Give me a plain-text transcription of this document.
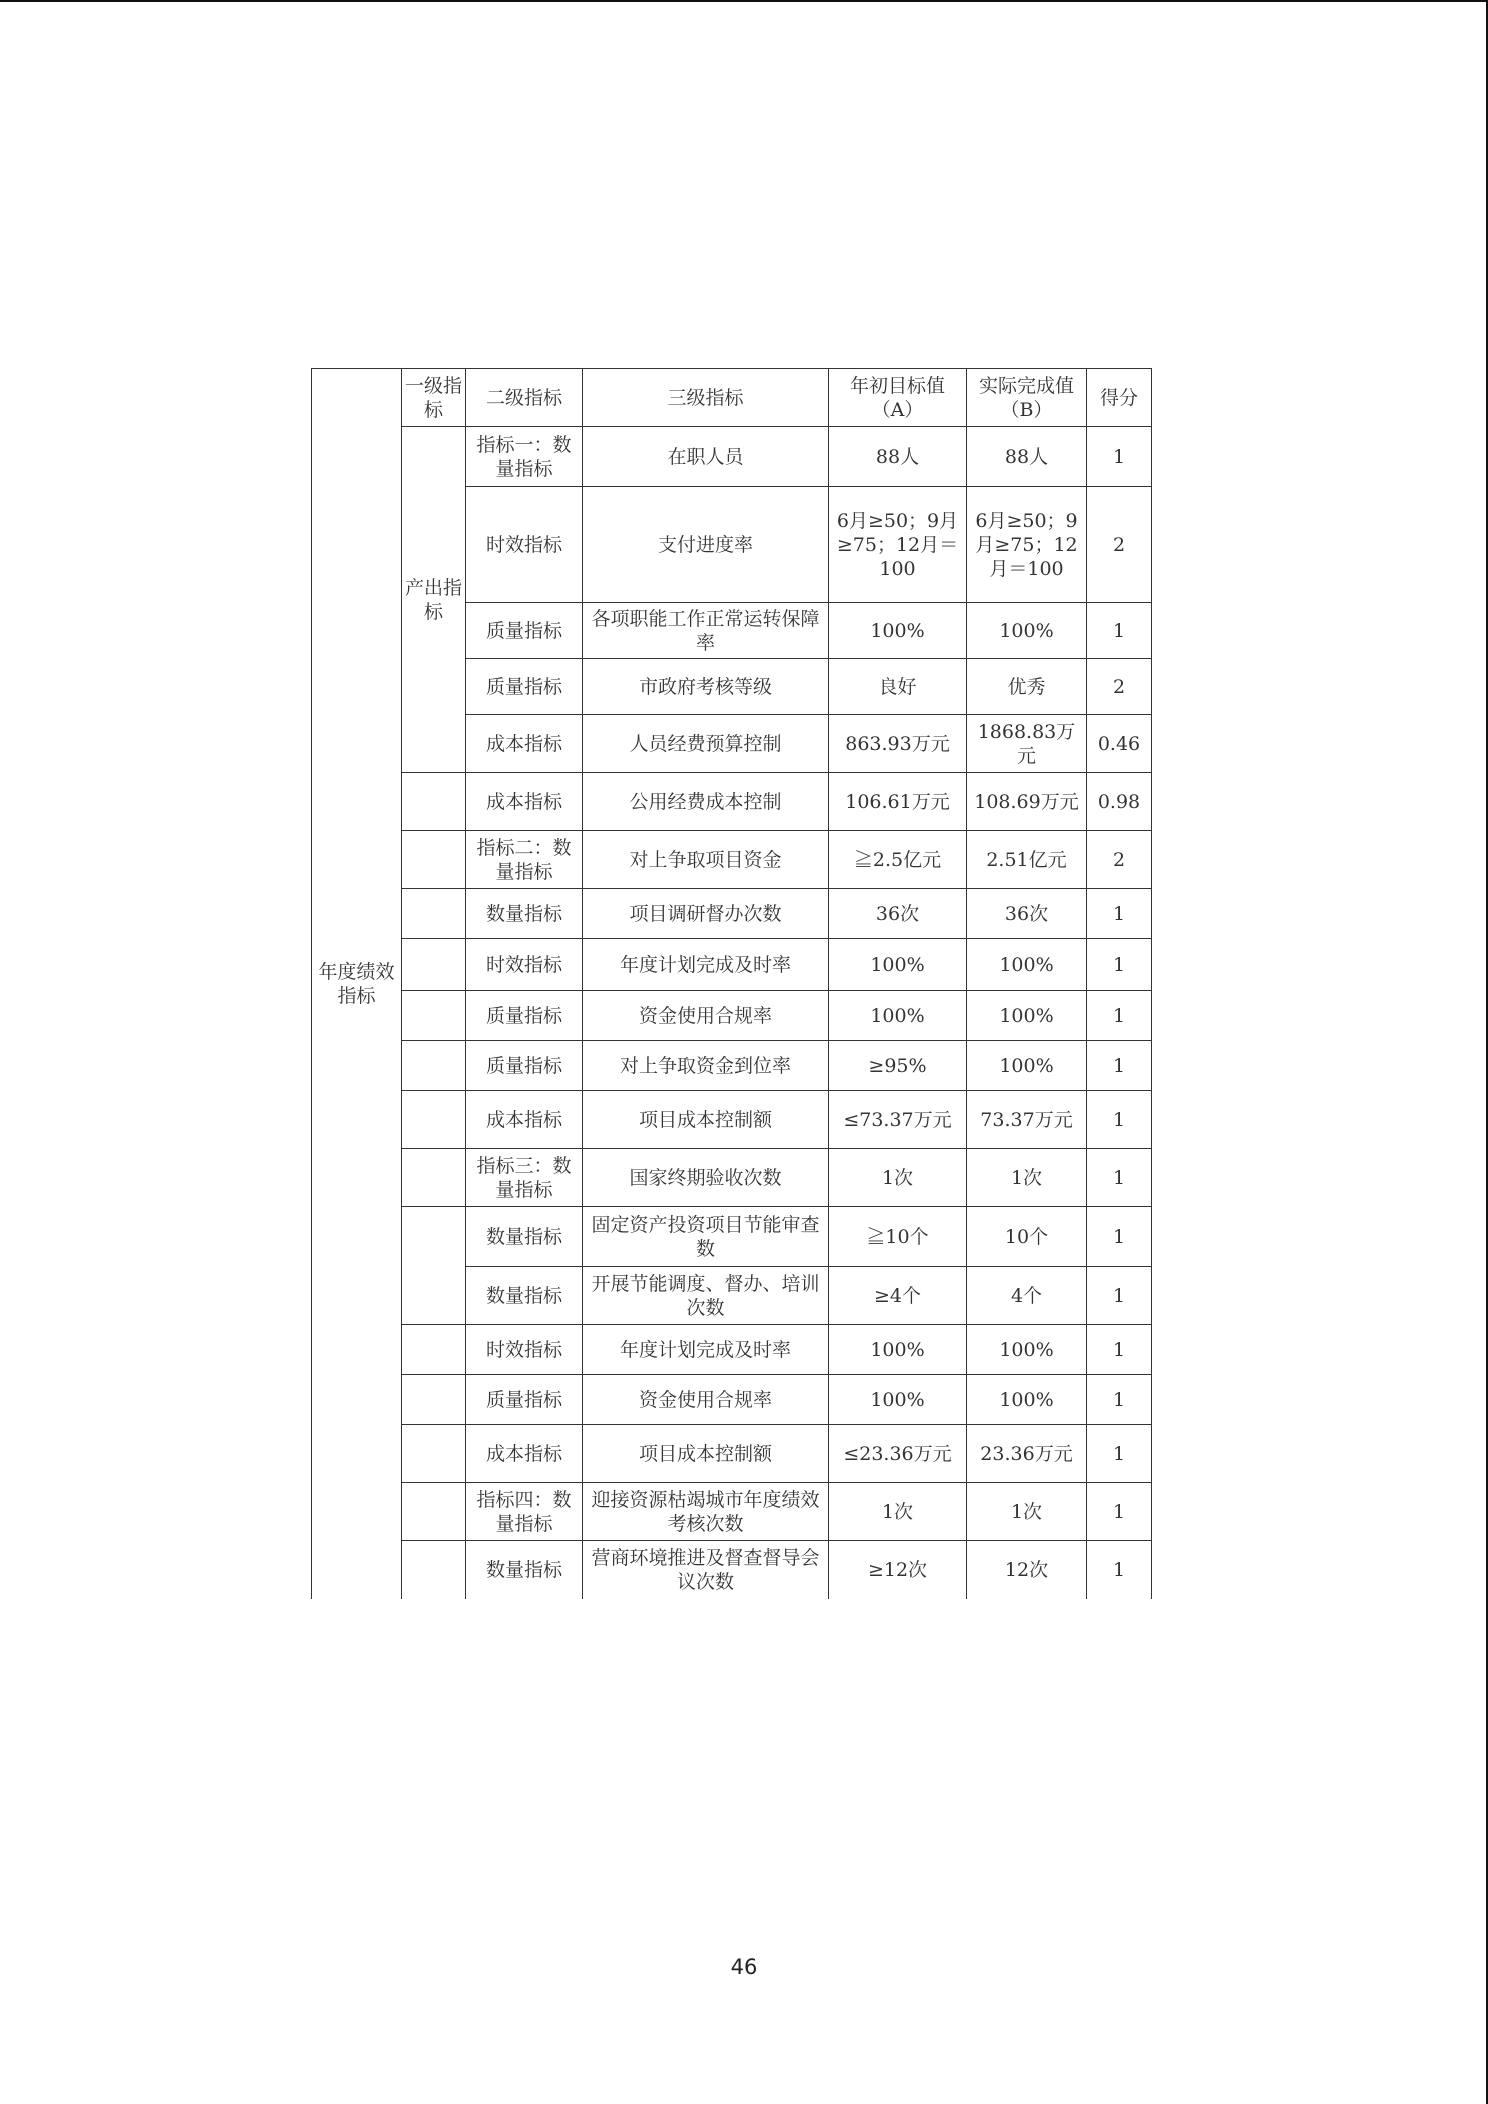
年度绩效指标	一级指标	二级指标	三级指标	年初目标值（A）	实际完成值（B）	得分
	产出指标	指标一：数量指标	在职人员	88人	88人	1
		时效指标	支付进度率	6月≥50；9月≥75；12月＝100	6月≥50；9月≥75；12月＝100	2
		质量指标	各项职能工作正常运转保障率	100%	100%	1
		质量指标	市政府考核等级	良好	优秀	2
		成本指标	人员经费预算控制	863.93万元	1868.83万元	0.46
		成本指标	公用经费成本控制	106.61万元	108.69万元	0.98
		指标二：数量指标	对上争取项目资金	≧2.5亿元	2.51亿元	2
		数量指标	项目调研督办次数	36次	36次	1
		时效指标	年度计划完成及时率	100%	100%	1
		质量指标	资金使用合规率	100%	100%	1
		质量指标	对上争取资金到位率	≥95%	100%	1
		成本指标	项目成本控制额	≤73.37万元	73.37万元	1
		指标三：数量指标	国家终期验收次数	1次	1次	1
		数量指标	固定资产投资项目节能审查数	≧10个	10个	1
		数量指标	开展节能调度、督办、培训次数	≥4个	4个	1
		时效指标	年度计划完成及时率	100%	100%	1
		质量指标	资金使用合规率	100%	100%	1
		成本指标	项目成本控制额	≤23.36万元	23.36万元	1
		指标四：数量指标	迎接资源枯竭城市年度绩效考核次数	1次	1次	1
		数量指标	营商环境推进及督查督导会议次数	≥12次	12次	1
46
